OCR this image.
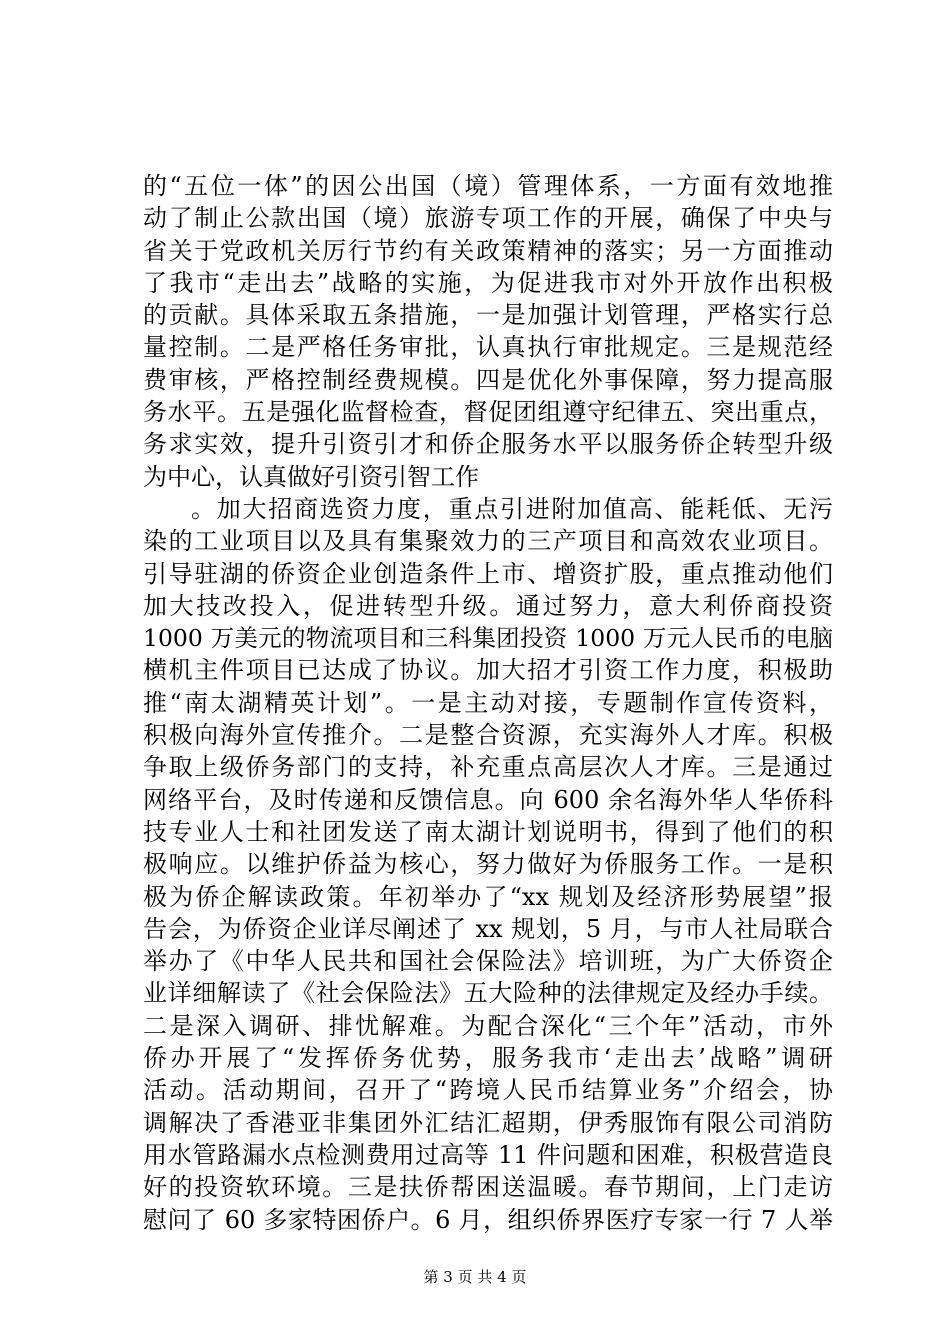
的“五位一体”的因公出国（境）管理体系，一方面有效地推
动了制止公款出国（境）旅游专项工作的开展，确保了中央与
省关于党政机关厉行节约有关政策精神的落实；另一方面推动
了我市“走出去”战略的实施，为促进我市对外开放作出积极
的贡献。具体采取五条措施，一是加强计划管理，严格实行总
量控制。二是严格任务审批，认真执行审批规定。三是规范经
费审核，严格控制经费规模。四是优化外事保障，努力提高服
务水平。五是强化监督检查，督促团组遵守纪律五、突出重点，
务求实效，提升引资引才和侨企服务水平以服务侨企转型升级
为中心，认真做好引资引智工作
。加大招商选资力度，重点引进附加值高、能耗低、无污
染的工业项目以及具有集聚效力的三产项目和高效农业项目。
引导驻湖的侨资企业创造条件上市、增资扩股，重点推动他们
加大技改投入，促进转型升级。通过努力，意大利侨商投资
1000 万美元的物流项目和三科集团投资 1000 万元人民币的电脑
横机主件项目已达成了协议。加大招才引资工作力度，积极助
推“南太湖精英计划”。一是主动对接，专题制作宣传资料，
积极向海外宣传推介。二是整合资源，充实海外人才库。积极
争取上级侨务部门的支持，补充重点高层次人才库。三是通过
网络平台，及时传递和反馈信息。向 600 余名海外华人华侨科
技专业人士和社团发送了南太湖计划说明书，得到了他们的积
极响应。以维护侨益为核心，努力做好为侨服务工作。一是积
极为侨企解读政策。年初举办了“xx 规划及经济形势展望”报
告会，为侨资企业详尽阐述了 xx 规划，5 月，与市人社局联合
举办了《中华人民共和国社会保险法》培训班，为广大侨资企
业详细解读了《社会保险法》五大险种的法律规定及经办手续。
二是深入调研、排忧解难。为配合深化“三个年”活动，市外
侨办开展了“发挥侨务优势，服务我市‘走出去’战略”调研
活动。活动期间，召开了“跨境人民币结算业务”介绍会，协
调解决了香港亚非集团外汇结汇超期，伊秀服饰有限公司消防
用水管路漏水点检测费用过高等 11 件问题和困难，积极营造良
好的投资软环境。三是扶侨帮困送温暖。春节期间，上门走访
慰问了 60 多家特困侨户。6 月，组织侨界医疗专家一行 7 人举
第 3 页 共 4 页
